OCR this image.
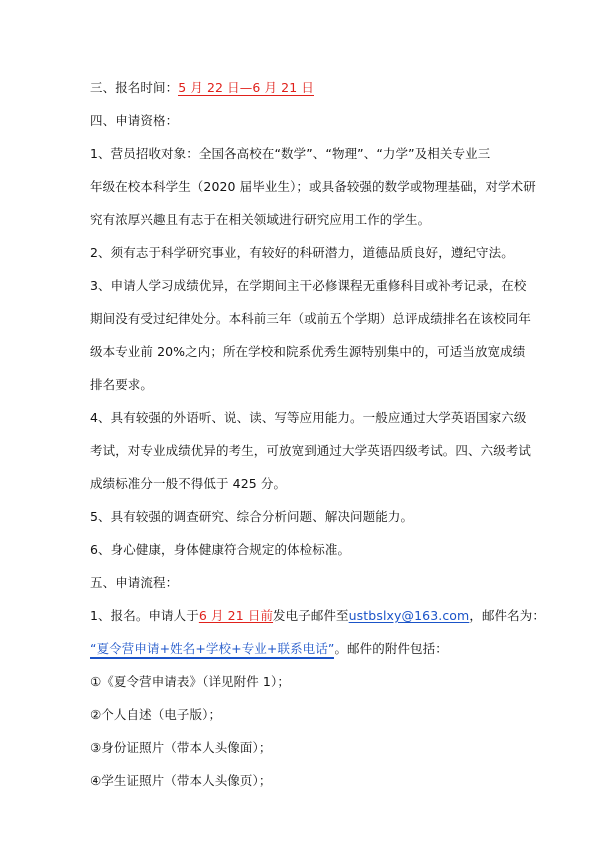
三、报名时间：5 月 22 日—6 月 21 日
四、申请资格：
1、营员招收对象：全国各高校在“数学”、“物理”、“力学”及相关专业三
年级在校本科学生（2020 届毕业生）；或具备较强的数学或物理基础，对学术研
究有浓厚兴趣且有志于在相关领域进行研究应用工作的学生。
2、须有志于科学研究事业，有较好的科研潜力，道德品质良好，遵纪守法。
3、申请人学习成绩优异，在学期间主干必修课程无重修科目或补考记录，在校
期间没有受过纪律处分。本科前三年（或前五个学期）总评成绩排名在该校同年
级本专业前 20%之内；所在学校和院系优秀生源特别集中的，可适当放宽成绩
排名要求。
4、具有较强的外语听、说、读、写等应用能力。一般应通过大学英语国家六级
考试，对专业成绩优异的考生，可放宽到通过大学英语四级考试。四、六级考试
成绩标准分一般不得低于 425 分。
5、具有较强的调查研究、综合分析问题、解决问题能力。
6、身心健康，身体健康符合规定的体检标准。
五、申请流程：
1、报名。申请人于6 月 21 日前发电子邮件至ustbslxy@163.com，邮件名为：
“夏令营申请+姓名+学校+专业+联系电话”。邮件的附件包括：
①《夏令营申请表》（详见附件 1）；
②个人自述（电子版）；
③身份证照片（带本人头像面）；
④学生证照片（带本人头像页）；
